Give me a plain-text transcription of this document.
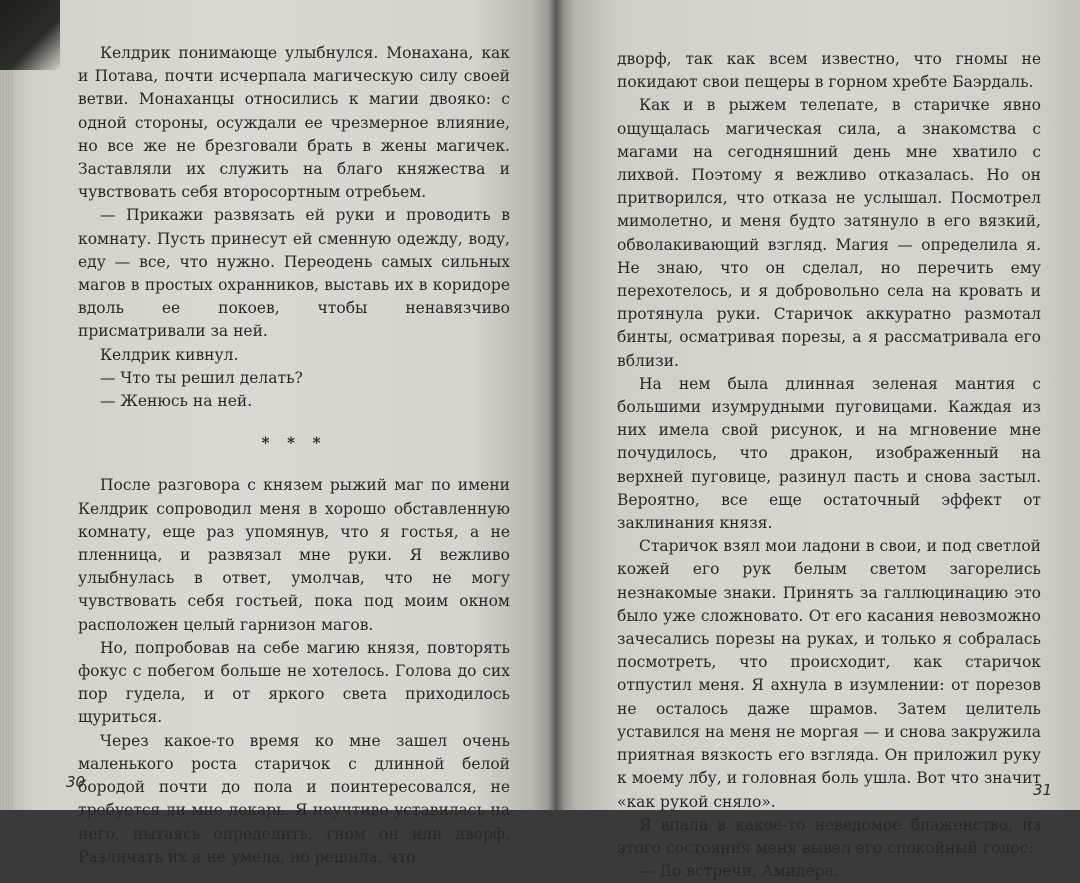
Келдрик понимающе улыбнулся. Монахана, как и Потава, почти исчерпала магическую силу своей ветви. Монаханцы относились к магии двояко: с одной стороны, осуждали ее чрезмерное влияние, но все же не брезговали брать в жены магичек. Заставляли их служить на благо княжества и чувствовать себя второсортным отребьем.

— Прикажи развязать ей руки и проводить в комнату. Пусть принесут ей сменную одежду, воду, еду — все, что нужно. Переодень самых сильных магов в простых охранников, выставь их в коридоре вдоль ее покоев, чтобы ненавязчиво присматривали за ней.

Келдрик кивнул.

— Что ты решил делать?

— Женюсь на ней.

* * *

После разговора с князем рыжий маг по имени Келдрик сопроводил меня в хорошо обставленную комнату, еще раз упомянув, что я гостья, а не пленница, и развязал мне руки. Я вежливо улыбнулась в ответ, умолчав, что не могу чувствовать себя гостьей, пока под моим окном расположен целый гарнизон магов.

Но, попробовав на себе магию князя, повторять фокус с побегом больше не хотелось. Голова до сих пор гудела, и от яркого света приходилось щуриться.

Через какое-то время ко мне зашел очень маленького роста старичок с длинной белой бородой почти до пола и поинтересовался, не требуется ли мне лекарь. Я неучтиво уставилась на него, пытаясь определить, гном он или дворф. Различать их я не умела, но решила, что

30

дворф, так как всем известно, что гномы не покидают свои пещеры в горном хребте Баэрдаль.

Как и в рыжем телепате, в старичке явно ощущалась магическая сила, а знакомства с магами на сегодняшний день мне хватило с лихвой. Поэтому я вежливо отказалась. Но он притворился, что отказа не услышал. Посмотрел мимолетно, и меня будто затянуло в его вязкий, обволакивающий взгляд. Магия — определила я. Не знаю, что он сделал, но перечить ему перехотелось, и я добровольно села на кровать и протянула руки. Старичок аккуратно размотал бинты, осматривая порезы, а я рассматривала его вблизи.

На нем была длинная зеленая мантия с большими изумрудными пуговицами. Каждая из них имела свой рисунок, и на мгновение мне почудилось, что дракон, изображенный на верхней пуговице, разинул пасть и снова застыл. Вероятно, все еще остаточный эффект от заклинания князя.

Старичок взял мои ладони в свои, и под светлой кожей его рук белым светом загорелись незнакомые знаки. Принять за галлюцинацию это было уже сложновато. От его касания невозможно зачесались порезы на руках, и только я собралась посмотреть, что происходит, как старичок отпустил меня. Я ахнула в изумлении: от порезов не осталось даже шрамов. Затем целитель уставился на меня не моргая — и снова закружила приятная вязкость его взгляда. Он приложил руку к моему лбу, и головная боль ушла. Вот что значит «как рукой сняло».

Я впала в какое-то неведомое блаженство, из этого состояния меня вывел его спокойный голос:

— До встречи, Амидера.

31
